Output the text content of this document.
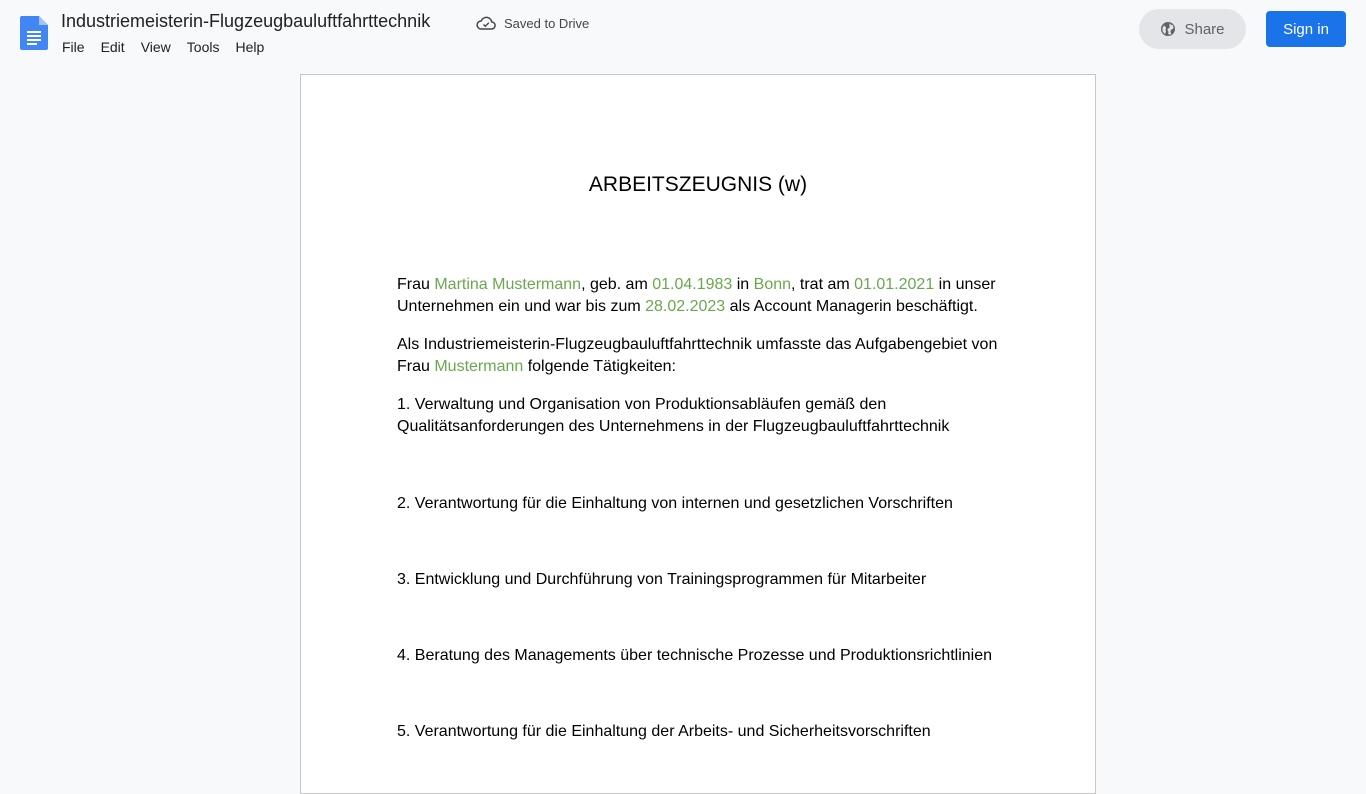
Industriemeisterin-Flugzeugbauluftfahrttechnik	Saved to Drive
File	Edit	View	Tools	Help
Share	Sign in
ARBEITSZEUGNIS (w)

Frau Martina Mustermann, geb. am 01.04.1983 in Bonn, trat am 01.01.2021 in unser Unternehmen ein und war bis zum 28.02.2023 als Account Managerin beschäftigt.

Als Industriemeisterin-Flugzeugbauluftfahrttechnik umfasste das Aufgabengebiet von Frau Mustermann folgende Tätigkeiten:

1. Verwaltung und Organisation von Produktionsabläufen gemäß den Qualitätsanforderungen des Unternehmens in der Flugzeugbauluftfahrttechnik

2. Verantwortung für die Einhaltung von internen und gesetzlichen Vorschriften

3. Entwicklung und Durchführung von Trainingsprogrammen für Mitarbeiter

4. Beratung des Managements über technische Prozesse und Produktionsrichtlinien

5. Verantwortung für die Einhaltung der Arbeits- und Sicherheitsvorschriften
